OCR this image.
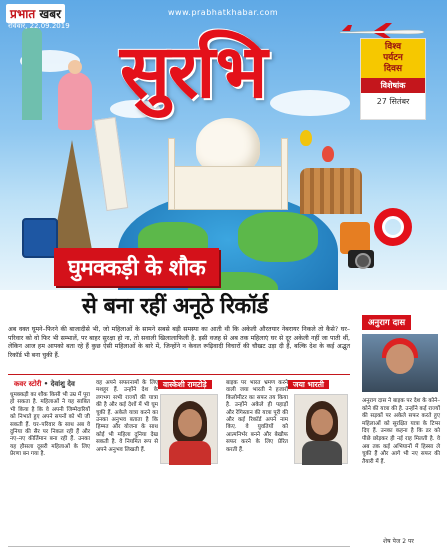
प्रभात खबर
रविवार, 22.09.2019
www.prabhatkhabar.com
सुरभि	विश्व
पर्यटन
दिवस
विशेषांक
27 सितंबर
घुमक्कड़ी के शौक
से बना रहीं अनूठे रिकॉर्ड
अब वक्त घूमने–फिरने की बाजादीसे भी, जो महिलाओं के सामने सबसे बड़ी समस्या का आती थी कि अकेली औरतयार नेबरायर निकले तो कैसे? घर–परिवार को वो फिर भी सम्भालें, पर बाहर सुरक्षा हो ना, तो सवाली खिलालाफिली है. इसी वजह से अब तक महिलाएं घर से दूर अकेली नहीं जा पाती थीं, लेकिन आज हम आपको बता रहे हैं कुछ ऐसी महिलाओं के बारे में, जिन्होंने न केवल रूढ़िवादी विचारों की चौखट उड़ा दी हैं, बल्कि देश के कई अद्भुत रिकॉर्ड भी बना चुकी हैं.
कवर स्टोरी • देवांशु देव
धुमक्कड़ी का शौक किसी भी उम्र में पूरा हो सकता है. महिलाओं ने यह साबित भी किया है कि वे अपनी जिम्मेदारियों को निभाते हुए अपने सपनों को भी जी सकती हैं. घर–परिवार के साथ अब वे दुनिया की सैर पर निकल रही हैं और नए–नए कीर्तिमान बना रही हैं. उनका यह हौसला दूसरी महिलाओं के लिए प्रेरणा बन गया है.
वास्केशी रामटोड़े
वह अपने सफरनामों के लिए मशहूर हैं. उन्होंने देश के लगभग सभी राज्यों की यात्रा की है और कई देशों में भी घूम चुकी हैं. अकेले यात्रा करने का उनका अनुभव बताता है कि हिम्मत और योजना के साथ कोई भी महिला दुनिया देख सकती है. वे नियमित रूप से अपने अनुभव लिखती हैं.
जया भारती
बाइक पर भारत भ्रमण करने वाली जया भारती ने हजारों किलोमीटर का सफर तय किया है. उन्होंने अकेले ही पहाड़ों और रेगिस्तान की यात्रा पूरी की और कई रिकॉर्ड अपने नाम किए. वे युवतियों को आत्मनिर्भर बनने और बेखौफ सफर करने के लिए प्रेरित करती हैं.
अनुराग दास
अनुराग दास ने बाइक पर देश के कोने–कोने की यात्रा की है. उन्होंने कई राज्यों की सड़कों पर अकेले सफर करते हुए महिलाओं को सुरक्षित यात्रा के टिप्स दिए हैं. उनका कहना है कि डर को पीछे छोड़कर ही नई राह मिलती है. वे अब तक कई अभियानों में हिस्सा ले चुकी हैं और आगे भी नए सफर की तैयारी में हैं.
शेष पेज 2 पर
